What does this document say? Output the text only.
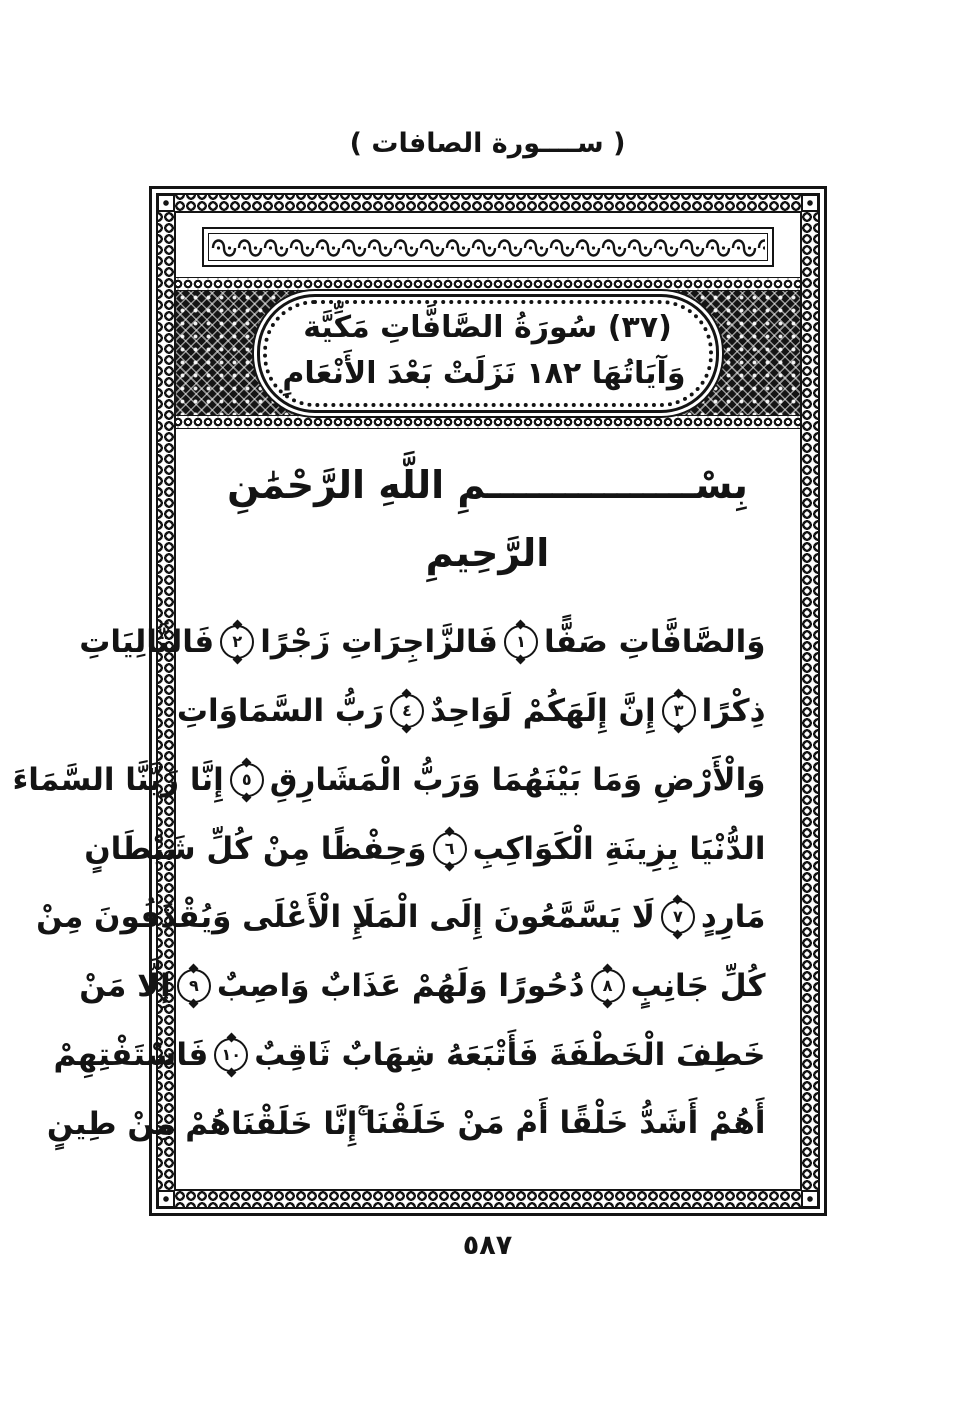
( ســــورة الصافات )
(٣٧) سُورَةُ الصَّافَّاتِ مَكِّيَّة
وَآيَاتُهَا ١٨٢ نَزَلَتْ بَعْدَ الأَنْعَامِ
بِسْــــــــــــــــمِ اللَّهِ الرَّحْمَٰنِ الرَّحِيمِ
وَالصَّافَّاتِ صَفًّا
١
فَالزَّاجِرَاتِ زَجْرًا
٢
فَالتَّالِيَاتِ
ذِكْرًا
٣
إِنَّ إِلَهَكُمْ لَوَاحِدٌ
٤
رَبُّ السَّمَاوَاتِ
وَالْأَرْضِ وَمَا بَيْنَهُمَا وَرَبُّ الْمَشَارِقِ
٥
إِنَّا زَيَّنَّا السَّمَاءَ
الدُّنْيَا بِزِينَةِ الْكَوَاكِبِ
٦
وَحِفْظًا مِنْ كُلِّ شَيْطَانٍ
مَارِدٍ
٧
لَا يَسَّمَّعُونَ إِلَى الْمَلَإِ الْأَعْلَى وَيُقْذَفُونَ مِنْ
كُلِّ جَانِبٍ
٨
دُحُورًا وَلَهُمْ عَذَابٌ وَاصِبٌ
٩
إِلَّا مَنْ
خَطِفَ الْخَطْفَةَ فَأَتْبَعَهُ شِهَابٌ ثَاقِبٌ
١٠
فَاسْتَفْتِهِمْ
أَهُمْ أَشَدُّ خَلْقًا أَمْ مَنْ خَلَقْنَا ۚ
إِنَّا خَلَقْنَاهُمْ مِنْ طِينٍ
٥٨٧
